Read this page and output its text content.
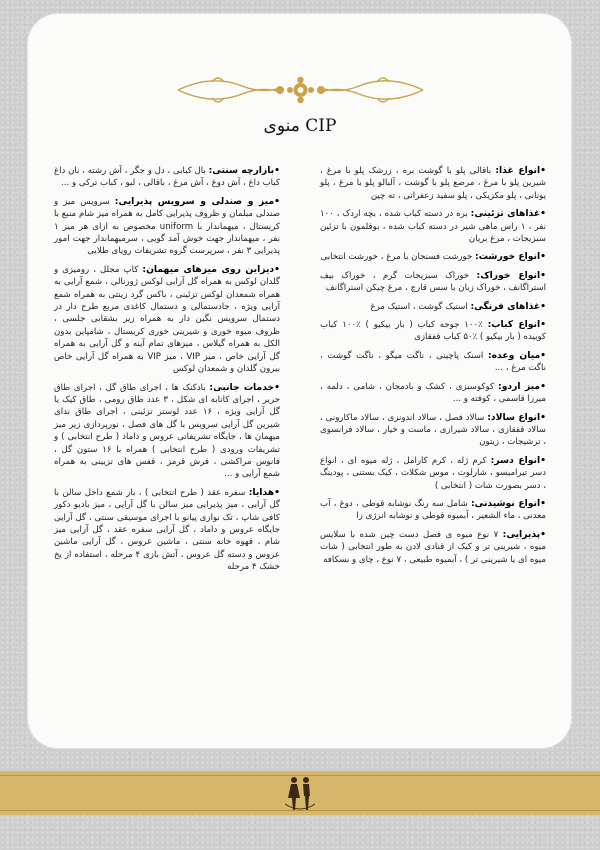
منوی CIP
•انواع غذا: باقالی پلو با گوشت بره ، زرشک پلو با مرغ ، شیرین پلو با مرغ ، مرصع پلو با گوشت ، آلبالو پلو با مرغ ، پلو یونانی ، پلو مکزیکی ، پلو سفید زعفرانی ، ته چین
•غذاهای تزئینی: بره در دسته کباب شده ، بچه اردک ، ۱۰۰ نفر ، ۱ راس ماهی شیر در دسته کباب شده ، بوقلمون با تزئین سبزیجات ، مرغ بریان
•انواع خورشت: خورشت فسنجان با مرغ ، خورشت انتخابی
•انواع خوراک: خوراک سبزیجات گرم ، خوراک بیف استراگانف ، خوراک زبان با سس قارچ ، مرغ چیکن استراگانف
•غذاهای فرنگی: استیک گوشت ، استیک مرغ
•انواع کباب: ٪۱۰۰ جوجه کباب ( بار بیکیو ) ٪۱۰۰ کباب کوبیده ( بار بیکیو ) ٪۵۰ کباب قفقازی
•میان وعده: اسنک پاچینی ، ناگت میگو ، ناگت گوشت ، ناگت مرغ ، ...
•میز اردو: کوکوسبزی ، کشک و بادمجان ، شامی ، دلمه ، میرزا قاسمی ، کوفته و ...
•انواع سالاد: سالاد فصل ، سالاد اندونزی ، سالاد ماکارونی ، سالاد قفقازی ، سالاد شیرازی ، ماست و خیار ، سالاد فرانسوی ، ترشیجات ، زیتون
•انواع دسر: کرم ژله ، کرم کارامل ، ژله میوه ای ، انواع دسر تیرامیسو ، شارلوت ، موس شکلات ، کیک بستنی ، پودینگ ، دسر بصورت شات ( انتخابی )
•انواع نوشیدنی: شامل سه رنگ نوشابه قوطی ، دوغ ، آب معدنی ، ماء الشعیر ، آبمیوه قوطی و نوشابه انرژی زا
•پذیرایی: ۷ نوع میوه ی فصل دست چین شده با سلایس میوه ، شیرینی تر و کیک از قنادی لادن به طور انتخابی ( شات میوه ای یا شیرینی تر ) ، آبمیوه طبیعی ، ۷ نوع ، چای و نسکافه
•بازارچه سنتی: بال کبابی ، دل و جگر ، آش رشته ، نان داغ کباب داغ ، آش دوغ ، آش مرغ ، باقالی ، لبو ، کباب ترکی و ...
•میز و صندلی و سرویس پذیرایی: سرویس میز و صندلی مبلمان و ظروف پذیرایی کامل به همراه میز شام منبع با کریستال ، میهماندار با uniform مخصوص به ازای هر میز ۱ نفر ، میهماندار جهت خوش آمد گویی ، سرمیهماندار جهت امور پذیرایی ۳ نفر ، سرپرست گروه تشریفات رویای طلایی
•دیزاین روی میزهای میهمان: کاپ مجلل ، رومیزی و گلدان لوکس به همراه گل آرایی لوکس ژورنالی ، شمع آرایی به همراه شمعدان لوکس تزئینی ، باکس گرد زینتی به همراه شمع آرایی ویژه ، جادستمالی و دستمال کاغذی مربع طرح دار در دستمال سرویس نگین دار به همراه زیر بشقابی جلسی ، ظروف میوه خوری و شیرینی خوری کریستال ، شامپاین بدون الکل به همراه گیلاس ، میزهای تمام آینه و گل آرایی به همراه گل آرایی خاص ، میز VIP ، میز VIP به همراه گل آرایی خاص بیرون گلدان و شمعدان لوکس
•خدمات جانبی: بادکنک ها ، اجرای طاق گل ، اجرای طاق حریر ، اجرای کاتابه ای شکل ، ۳ عدد طاق رومی ، طاق کیک یا گل آرایی ویژه ، ۱۶ عدد لوستر تزئینی ، اجرای طاق ندای شیرین گل آرایی سرویس با گل های فصل ، نورپردازی زیر میز میهمان ها ، جایگاه تشریفاتی عروس و داماد ( طرح انتخابی ) و تشریفات ورودی ( طرح انتخابی ) همراه با ۱۶ ستون گل ، فانوس مراکشی ، فرش قرمز ، قفس های تزیینی به همراه شمع آرایی و ...
•هدایا: سفره عقد ( طرح انتخابی ) ، بار شمع داخل سالن با گل آرایی ، میز پذیرایی میز سالن با گل آرایی ، میز بادیو دکور کافی شاپ ، تک نوازی پیانو با اجرای موسیقی سنتی ، گل آرایی جایگاه عروس و داماد ، گل آرایی سفره عقد ، گل آرایی میز شام ، قهوه خانه سنتی ، ماشین عروس ، گل آرایی ماشین عروس و دسته گل عروس ، آتش بازی ۴ مرحله ، استفاده از یخ خشک ۴ مرحله
